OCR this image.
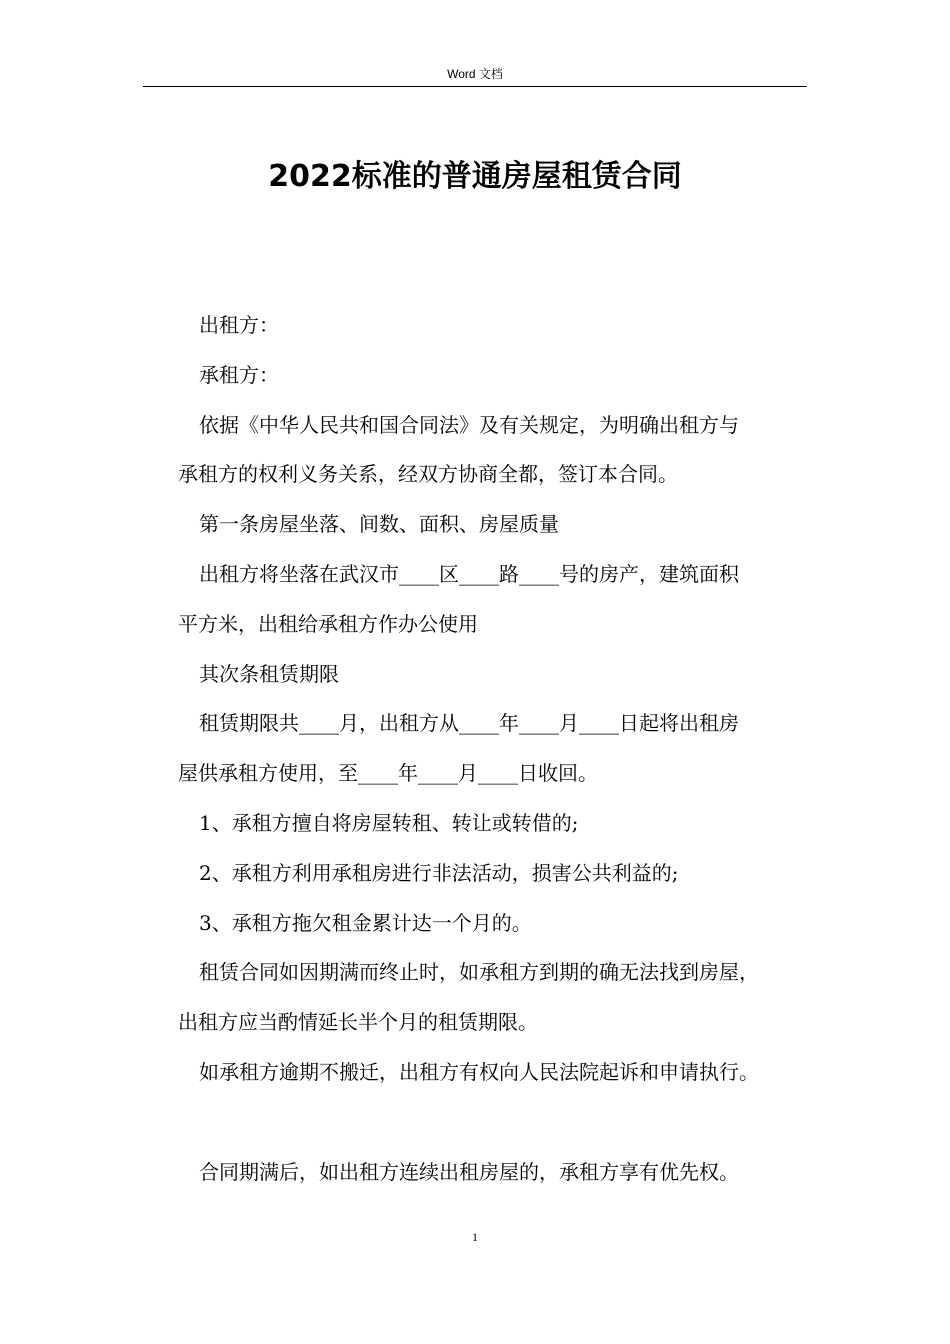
Word 文档
2022标准的普通房屋租赁合同

出租方：

承租方：

依据《中华人民共和国合同法》及有关规定，为明确出租方与

承租方的权利义务关系，经双方协商全都，签订本合同。

第一条房屋坐落、间数、面积、房屋质量

出租方将坐落在武汉市____区____路____号的房产，建筑面积

平方米，出租给承租方作办公使用

其次条租赁期限

租赁期限共____月，出租方从____年____月____日起将出租房

屋供承租方使用，至____年____月____日收回。

1、承租方擅自将房屋转租、转让或转借的;

2、承租方利用承租房进行非法活动，损害公共利益的;

3、承租方拖欠租金累计达一个月的。

租赁合同如因期满而终止时，如承租方到期的确无法找到房屋，

出租方应当酌情延长半个月的租赁期限。

如承租方逾期不搬迁，出租方有权向人民法院起诉和申请执行。

合同期满后，如出租方连续出租房屋的，承租方享有优先权。

1
